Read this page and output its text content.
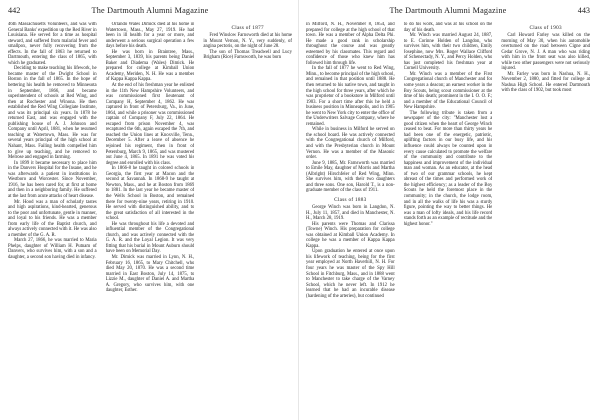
442	The Dartmouth Alumni Magazine

46th Massachusetts Volunteers, and was with General Banks' expedition up the Red River in Louisiana. He served for a time as hospital steward, and suffered from malarial fever and smallpox, never fully recovering from the effects. In the fall of 1863 he returned to Dartmouth, entering the class of 1865, with which he graduated.

Deciding to make teaching his lifework, he became master of the Dwight School in Boston in the fall of 1865. In the hope of bettering his health he removed to Minnesota in September, 1866, and became superintendent of schools at Red Wing, and then at Rochester and Winona. He then established the Red Wing Collegiate Institute, and was its principal six years. In 1878 he returned East, and was engaged with the publishing house of A. J. Johnson and Company until April, 1881, when he resumed teaching at Watertown, Mass. He was for several years principal of the high school at Nahant, Mass. Failing health compelled him to give up teaching, and he removed to Melrose and engaged in farming.

In 1899 it became necessary to place him in the Danvers Hospital for the Insane, and he was afterwards a patient in institutions in Westboro and Worcester. Since November, 1916, he has been cared for, at first at home and then in a neighboring family. He suffered at the last from acute attacks of heart disease.

Mr. Hood was a man of scholarly tastes and high aspirations, kind-hearted, generous to the poor and unfortunate, gentle in manner, and loyal to his friends. He was a member from early life of the Baptist church, and always actively connected with it. He was also a member of the G. A. R.

March 27, 1866, he was married to Maria Phelps, daughter of William H. Putnam of Danvers, who survives him, with a son and a daughter, a second son having died in infancy.

Orlando Wales Dimick died at his home in Watertown, Mass., May 27, 1919. He had been in ill health for a year or more, and underwent a serious surgical operation a few days before his death.

He was born in Braintree, Mass., September 3, 1839, his parents being Daniel Baker and Diadema (Wales) Dimick. He prepared for college at Kimball Union Academy, Meriden, N. H. He was a member of Kappa Kappa Kappa.

At the end of his freshman year he enlisted in the 11th New Hampshire Volunteers, and was commissioned first lieutenant of Company H, September 4, 1862. He was captured in front of Petersburg, Va., in June, 1864, and while a prisoner was commissioned captain of Company F, July 22, 1864. He escaped from prison November 4, was recaptured the 6th, again escaped the 7th, and reached the Union lines at Knoxville, Tenn., December 5. After a leave of absence he rejoined his regiment, then in front of Petersburg, March 9, 1865, and was mustered out June 4, 1865. In 1891 he was voted his degree and enrolled with his class.

In 1866-8 he taught in colored schools in Georgia, the first year at Macon and the second at Savannah. In 1868-9 he taught at Newton, Mass., and he at Boston from 1869 to 1881. In the last year he became master of the Wells School in Boston, and remained there for twenty-nine years, retiring in 1910. He served with distinguished ability, and to the great satisfaction of all interested in the school.

He was throughout his life a devoted and influential member of the Congregational church, and was actively connected with the G. A. R. and the Loyal Legion. It was very fitting that his burial in Mount Auburn should have been on Memorial Day.

Mr. Dimick was married in Lynn, N. H., February 16, 1865, to Mary Chitchell, who died May 20, 1870. He was a second time married in East Boston, July 14, 1875, to Lizzie M., daughter of Daniel A. and Martha A. Gregory, who survives him, with one daughter, Esther.

Class of 1877

Fred Winslow Farnsworth died at his home in Mount Vernon, N. Y., very suddenly, of angina pectoris, on the night of June 28.

The son of Thomas Treadwell and Lucy Brigham (Rice) Farnsworth, he was born

443
The Dartmouth Alumni Magazine

in Milford, N. H., November 8, 1854, and prepared for college at the high school of that town. He was a member of Alpha Delta Phi. He made a good rank in scholarship throughout the course and was greatly esteemed by his classmates. This regard and confidence of those who knew him has followed him through life.

In the fall of 1877 he went to Red Wing, Minn., to become principal of the high school, and remained in that position until 1888. He then returned to his native town, and taught in the high school for three years, after which he was proprietor of a bookstore in Milford until 1903. For a short time after this he held a business position in Minneapolis, and in 1905 he went to New York city to enter the office of the Underwriters Salvage Company, where he remained.

While in business in Milford he served on the school board. He was actively connected with the Congregational church of Milford, and with the Presbyterian church in Mount Vernon. He was a member of the Masonic order.

June 9, 1885, Mr. Farnsworth was married to Emile May, daughter of Morris and Martha (Albright) Hirschfeler of Red Wing, Minn. She survives him, with their two daughters and three sons. One son, Harold T., is a non-graduate member of the class of 1911.

Class of 1883

George Winch was born in Langdon, N. H., July 11, 1857, and died in Manchester, N. H., March 28, 1919.

His parents were Thomas and Clarissa (Towne) Winch. His preparation for college was obtained at Kimball Union Academy. In college he was a member of Kappa Kappa Kappa.

Upon graduation he entered at once upon his lifework of teaching, being for the first year employed at North Haverhill, N. H. For four years he was master of the Spy Hill School in Fitchburg, Mass., and in 1888 went to Manchester to take charge of the Varney School, which he never left. In 1912 he learned that he had an incurable disease (hardening of the arteries), but continued

to do his work, and was at his school on the day of his death.

Mr. Winch was married August 24, 1887, to E. Corinne Holden of Langdon, who survives him, with their two children, Emily Josephine, now Mrs. Roger Wallace Clifford of Schenectady, N. Y., and Percy Holden, who has just completed his freshman year at Cornell University.

Mr. Winch was a member of the First Congregational church of Manchester and for some years a deacon; an earnest worker in the Boy Scouts, being scout commissioner at the time of his death; prominent in the I. O. O. F.; and a member of the Educational Council of New Hampshire.

The following tribute is taken from a newspaper of the city: "Manchester lost a good citizen when the heart of George Winch ceased to beat. For more than thirty years he had been one of the energetic, patriotic, uplifting factors in our busy life, and his influence could always be counted upon in every cause calculated to promote the welfare of the community and contribute to the happiness and improvement of the individual man and woman. As an educator, at the head of two of our grammar schools, he kept abreast of the times and performed work of the highest efficiency; as a leader of the Boy Scouts he held the foremost place in the community; in the church, the lodge room, and in all the walks of life his was a sturdy figure, pointing the way to better things. He was a man of lofty ideals, and his life record stands forth as an example of rectitude and the highest honor."

Class of 1903

Carl Howard Farley was killed on the morning of May 30, when his automobile overturned on the road between Cigne and Cedar Grove, N. J. A man who was riding with him in the front seat was also killed, while two other passengers were not seriously injured.

Mr. Farley was born in Nashua, N. H., November 2, 1880, and fitted for college at Nashua High School. He entered Dartmouth with the class of 1902, but took most
